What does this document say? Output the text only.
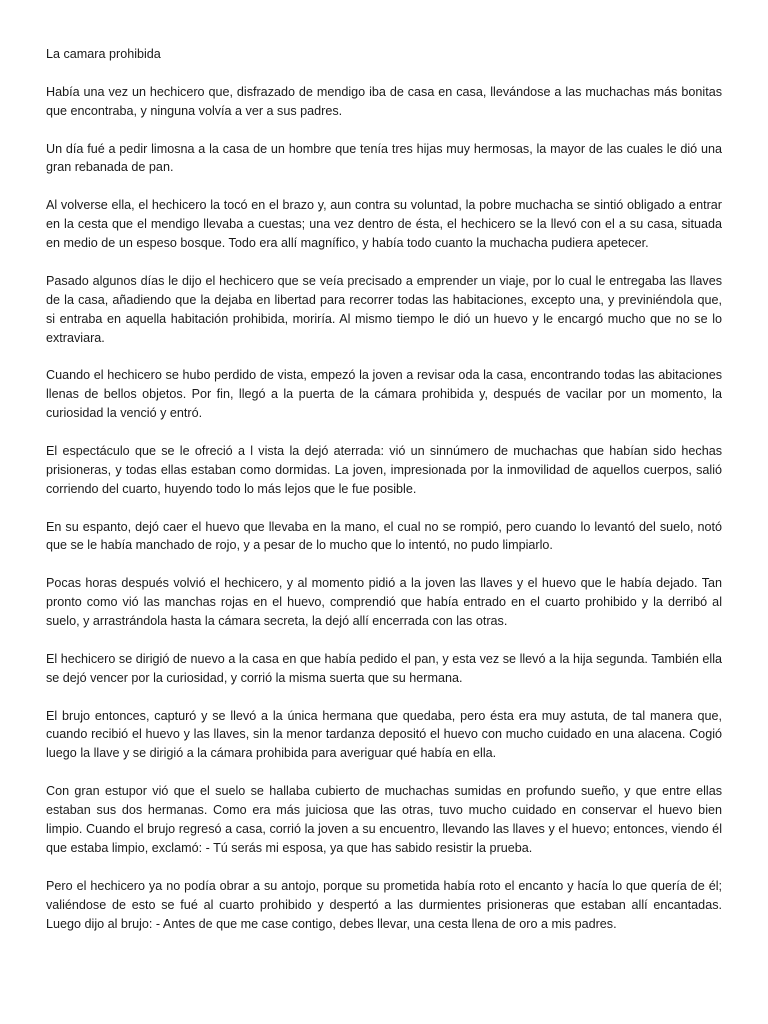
La camara prohibida

Había una vez un hechicero que, disfrazado de mendigo iba de casa en casa, llevándose a las muchachas más bonitas que encontraba, y ninguna volvía a ver a sus padres.

Un día fué a pedir limosna a la casa de un hombre que tenía tres hijas muy hermosas, la mayor de las cuales le dió una gran rebanada de pan.

Al volverse ella, el hechicero la tocó en el brazo y, aun contra su voluntad, la pobre muchacha se sintió obligado a entrar en la cesta que el mendigo llevaba a cuestas; una vez dentro de ésta, el hechicero se la llevó con el a su casa, situada en medio de un espeso bosque. Todo era allí magnífico, y había todo cuanto la muchacha pudiera apetecer.

Pasado algunos días le dijo el hechicero que se veía precisado a emprender un viaje, por lo cual le entregaba las llaves de la casa, añadiendo que la dejaba en libertad para recorrer todas las habitaciones, excepto una, y previniéndola que, si entraba en aquella habitación prohibida, moriría. Al mismo tiempo le dió un huevo y le encargó mucho que no se lo extraviara.

Cuando el hechicero se hubo perdido de vista, empezó la joven a revisar oda la casa, encontrando todas las abitaciones llenas de bellos objetos. Por fin, llegó a la puerta de la cámara prohibida y, después de vacilar por un momento, la curiosidad la venció y entró.

El espectáculo que se le ofreció a l vista la dejó aterrada: vió un sinnúmero de muchachas que habían sido hechas prisioneras, y todas ellas estaban como dormidas. La joven, impresionada por la inmovilidad de aquellos cuerpos, salió corriendo del cuarto, huyendo todo lo más lejos que le fue posible.

En su espanto, dejó caer el huevo que llevaba en la mano, el cual no se rompió, pero cuando lo levantó del suelo, notó que se le había manchado de rojo, y a pesar de lo mucho que lo intentó, no pudo limpiarlo.

Pocas horas después volvió el hechicero, y al momento pidió a la joven las llaves y el huevo que le había dejado. Tan pronto como vió las manchas rojas en el huevo, comprendió que había entrado en el cuarto prohibido y la derribó al suelo, y arrastrándola hasta la cámara secreta, la dejó allí encerrada con las otras.

El hechicero se dirigió de nuevo a la casa en que había pedido el pan, y esta vez se llevó a la hija segunda. También ella se dejó vencer por la curiosidad, y corrió la misma suerta que su hermana.

El brujo entonces, capturó y se llevó a la única hermana que quedaba, pero ésta era muy astuta, de tal manera que, cuando recibió el huevo y las llaves, sin la menor tardanza depositó el huevo con mucho cuidado en una alacena. Cogió luego la llave y se dirigió a la cámara prohibida para averiguar qué había en ella.

Con gran estupor vió que el suelo se hallaba cubierto de muchachas sumidas en profundo sueño, y que entre ellas estaban sus dos hermanas. Como era más juiciosa que las otras, tuvo mucho cuidado en conservar el huevo bien limpio. Cuando el brujo regresó a casa, corrió la joven a su encuentro, llevando las llaves y el huevo; entonces, viendo él que estaba limpio, exclamó: - Tú serás mi esposa, ya que has sabido resistir la prueba.

Pero el hechicero ya no podía obrar a su antojo, porque su prometida había roto el encanto y hacía lo que quería de él; valiéndose de esto se fué al cuarto prohibido y despertó a las durmientes prisioneras que estaban allí encantadas. Luego dijo al brujo: - Antes de que me case contigo, debes llevar, una cesta llena de oro a mis padres.
